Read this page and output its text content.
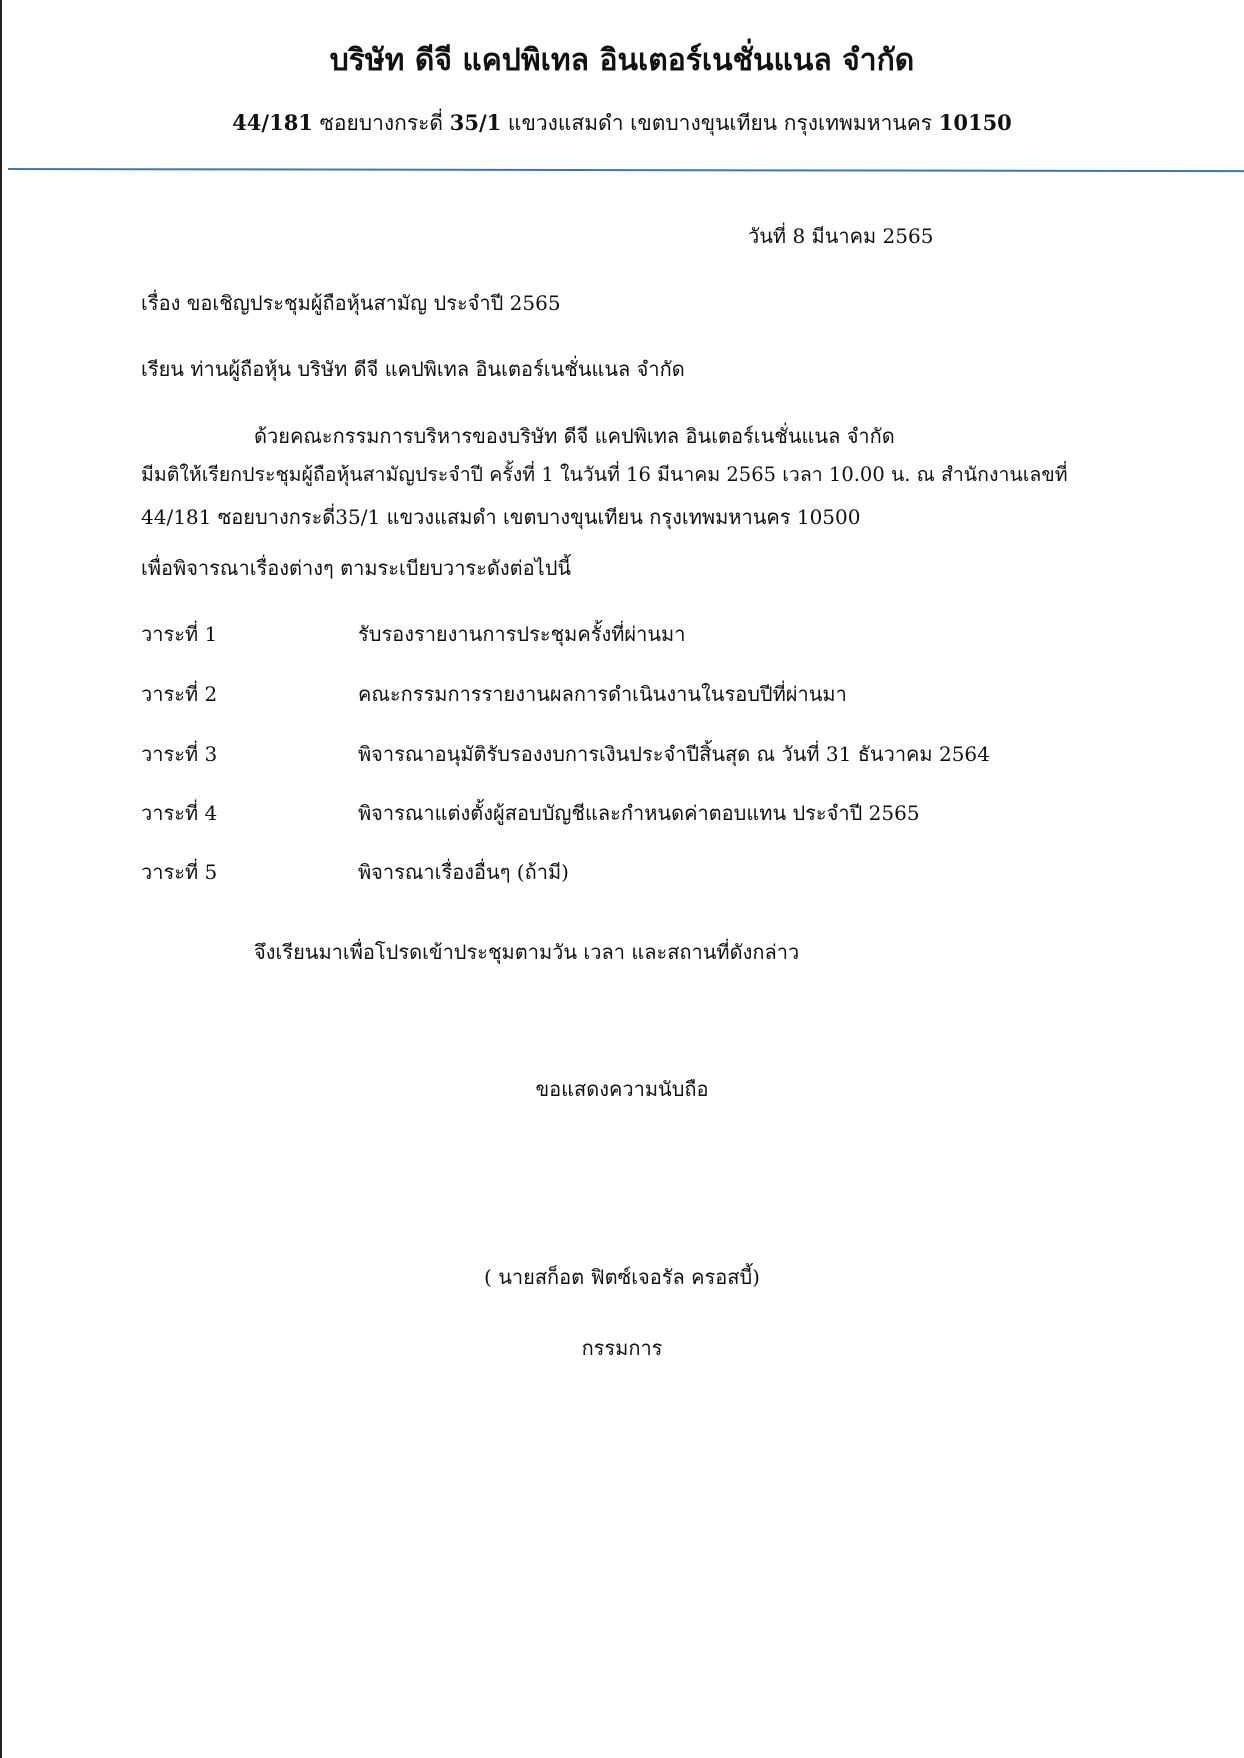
บริษัท ดีจี แคปพิเทล อินเตอร์เนชั่นแนล จำกัด
44/181 ซอยบางกระดี่ 35/1 แขวงแสมดำ เขตบางขุนเทียน กรุงเทพมหานคร 10150
วันที่ 8 มีนาคม 2565
เรื่อง ขอเชิญประชุมผู้ถือหุ้นสามัญ ประจำปี 2565
เรียน ท่านผู้ถือหุ้น บริษัท ดีจี แคปพิเทล อินเตอร์เนชั่นแนล จำกัด
ด้วยคณะกรรมการบริหารของบริษัท ดีจี แคปพิเทล อินเตอร์เนชั่นแนล จำกัด
มีมติให้เรียกประชุมผู้ถือหุ้นสามัญประจำปี ครั้งที่ 1 ในวันที่ 16 มีนาคม 2565 เวลา 10.00 น. ณ สำนักงานเลขที่
44/181 ซอยบางกระดี่35/1 แขวงแสมดำ เขตบางขุนเทียน กรุงเทพมหานคร 10500
เพื่อพิจารณาเรื่องต่างๆ ตามระเบียบวาระดังต่อไปนี้
วาระที่ 1	รับรองรายงานการประชุมครั้งที่ผ่านมา
วาระที่ 2	คณะกรรมการรายงานผลการดำเนินงานในรอบปีที่ผ่านมา
วาระที่ 3	พิจารณาอนุมัติรับรองงบการเงินประจำปีสิ้นสุด ณ วันที่ 31 ธันวาคม 2564
วาระที่ 4	พิจารณาแต่งตั้งผู้สอบบัญชีและกำหนดค่าตอบแทน ประจำปี 2565
วาระที่ 5	พิจารณาเรื่องอื่นๆ (ถ้ามี)
จึงเรียนมาเพื่อโปรดเข้าประชุมตามวัน เวลา และสถานที่ดังกล่าว
ขอแสดงความนับถือ
( นายสก็อต ฟิตซ์เจอรัล ครอสบี้)
กรรมการ
